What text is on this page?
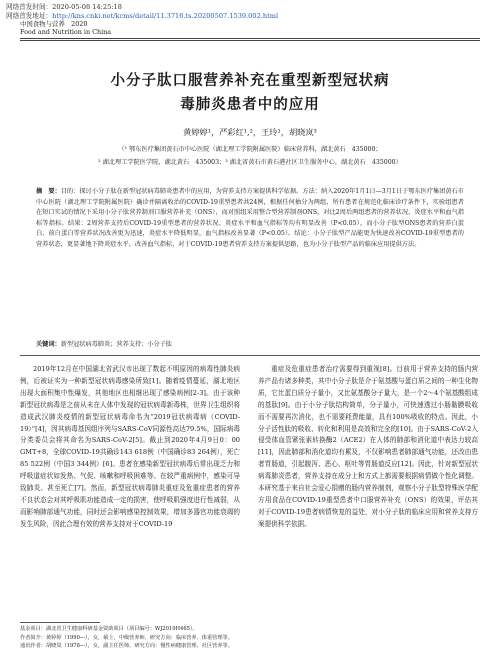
网络首发时间：2020-05-08 14:25:18
网络首发地址：http://kns.cnki.net/kcms/detail/11.3716.ts.20200507.1539.002.html
中国食物与营养　2020
Food and Nutrition in China
小分子肽口服营养补充在重型新型冠状病
毒肺炎患者中的应用
黄婷婷¹，严彩红¹,²，王玲¹，胡晓岚³
（¹ 鄂东医疗集团黄石市中心医院（湖北理工学院附属医院）临床营养科，湖北黄石　435000；
² 湖北理工学院医学院，湖北黄石　435003；³ 湖北省黄石市黄石港社区卫生服务中心，湖北黄石　435000）
摘　要：目的：探讨小分子肽在新型冠状病毒肺炎患者中的应用，为营养支持方案提供科学依据。方法：纳入2020年1月1日—3月1日于鄂东医疗集团黄石市中心医院（湖北理工学院附属医院）确诊并隔离收治的COVID-19重型患者共24例，根据任何抽分为两组，所有患者在规范化临床诊疗条件下，实验组患者在短口实试的情况下采用小分子肽营养制剂口服营养补充（ONS），而对照组采用整合型营养制剂ONS，对比2周后两组患者的营养状况、炎症水平和血气指标等指标。结果：2周营养支持后COVID-19重型患者的营养状况、炎症水平和血气指标等均有明显改善（P<0.05），而小分子肽型ONS患者的营养白蛋白、前白蛋白等营养状况改善更为迅速，炎症水平降低明显，血气指标改善显著（P<0.05）。结论：小分子肽型产品能更为快速改善COVID-19重型患者的营养状态，更显著地下降炎症水平，改善血气指标，对于COVID-19患者营养支持方案提供思路，也为小分子肽型产品的临床应用提供方法。
关键词：新型冠状病毒肺炎；营养支持；小分子肽

2019年12月在中国湖北省武汉市出现了数起不明原因的病毒性肺炎病例，后被证实为一种新型冠状病毒感染所致[1]。随着疫情蔓延，湖北地区出现大面积集中性爆发，其他地区也相继出现了感染病例[2-3]。由于该种新型冠状病毒是之前从未在人体中发现的冠状病毒新毒株，世界卫生组织将造成武汉肺炎疫情的新型冠状病毒命名为“2019冠状病毒病（COVID-19）”[4]，因其病毒基因组序列与SARS-CoV同源性高达79.5%，国际病毒分类委员会将其命名为SARS-CoV-2[5]。截止到2020年4月9日0：00 GMT+8，全球COVID-19共确诊143 618例（中国确诊83 264例），死亡85 522例（中国3 344例）[6]。患者在感染新型冠状病毒后常出现乏力和呼吸道症状如发热、气促、咳嗽和呼吸困难等。在较严重病例中，感染可导致肺炎、甚至死亡[7]。然而，新型冠状病毒肺炎重症及危重症患者的营养不良状态会对其呼吸肌功能造成一定的损害，使呼吸肌强度进行性减弱，从而影响肺部通气功能，同时还会影响感染控制效果，增加多器官功能衰竭的发生风险，因此合理有效的营养支持对于COVID-19

重症及危重症患者治疗需要得到重视[8]。目前用于营养支持的肠内营养产品有诸多种类，其中小分子肽是介于氨基酸与蛋白质之间的一种生化物质，它比蛋白质分子量小，又比氨基酸分子量大，是一个2～4个氨基酸组成的基肽[9]。由于小分子肽结构简单，分子量小，可快速透过小肠黏膜吸收而不需要再次消化，也不需要耗费能量，具有100%吸收的特点。因此，小分子活性肽的吸收、转化和利用是高效和完全的[10]。由于SARS-CoV-2入侵受体血管紧张素转换酶2（ACE2）在人体的肺部和消化道中表达力较高[11]，因此肺部和消化道均有累及，不仅影响患者肺部通气功能，还改由患者胃肠道，引起腹泻、恶心、呕吐等胃肠道反应[12]。因此，针对新型冠状病毒肺炎患者，营养支持在成分上和方式上都需要根据病情做个性化调整。本研究基于来自社会爱心捐赠的肠内营养制剂，观察小分子肽型特殊医学配方用食品在COVID-19重型患者中口服营养补充（ONS）的效果，评估其对于COVID-19患者病情恢复的益处，对小分子肽的临床应用和营养支持方案提供科学依据。

基金项目：湖北省卫生健康科研基金资助项目（项目编号：WJ2019H465）。
作者简介：黄婷婷（1990—），女，硕士，中级营养师，研究方向：临床营养、体重管理等。
通讯作者：胡晓岚（1978—），女，副主任医师，研究方向：慢性病健康管理、社区营养等。
